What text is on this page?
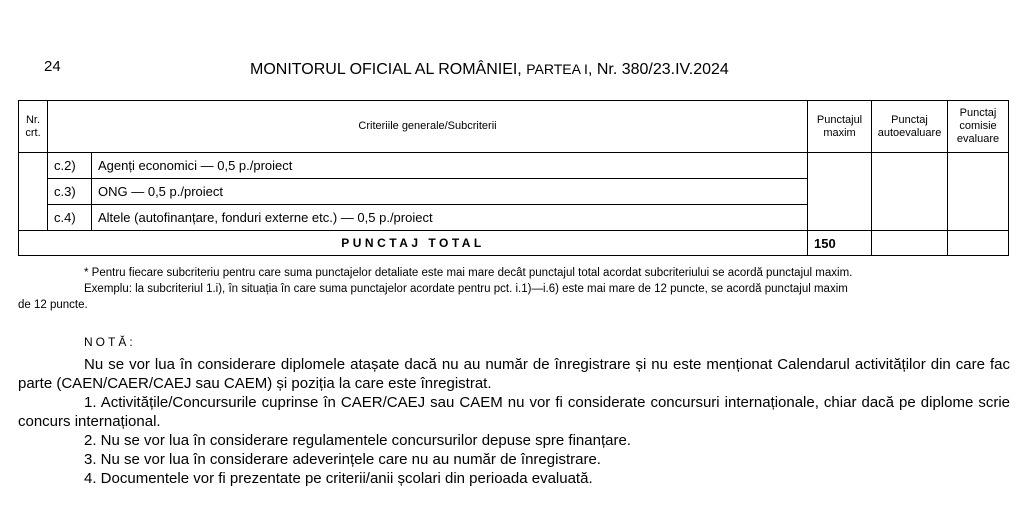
24	MONITORUL OFICIAL AL ROMÂNIEI, PARTEA I, Nr. 380/23.IV.2024
Nr. crt.	Criteriile generale/Subcriterii		Punctajul maxim	Punctaj autoevaluare	Punctaj comisie evaluare
	c.2)	Agenți economici — 0,5 p./proiect			
	c.3)	ONG — 0,5 p./proiect			
	c.4)	Altele (autofinanțare, fonduri externe etc.) — 0,5 p./proiect			
PUNCTAJ TOTAL			150		
* Pentru fiecare subcriteriu pentru care suma punctajelor detaliate este mai mare decât punctajul total acordat subcriteriului se acordă punctajul maxim.
Exemplu: la subcriteriul 1.i), în situația în care suma punctajelor acordate pentru pct. i.1)—i.6) este mai mare de 12 puncte, se acordă punctajul maxim
de 12 puncte.
NOTĂ:

Nu se vor lua în considerare diplomele atașate dacă nu au număr de înregistrare și nu este menționat Calendarul activităților din care fac parte (CAEN/CAER/CAEJ sau CAEM) și poziția la care este înregistrat.

1. Activitățile/Concursurile cuprinse în CAER/CAEJ sau CAEM nu vor fi considerate concursuri internaționale, chiar dacă pe diplome scrie concurs internațional.

2. Nu se vor lua în considerare regulamentele concursurilor depuse spre finanțare.

3. Nu se vor lua în considerare adeverințele care nu au număr de înregistrare.

4. Documentele vor fi prezentate pe criterii/anii școlari din perioada evaluată.
